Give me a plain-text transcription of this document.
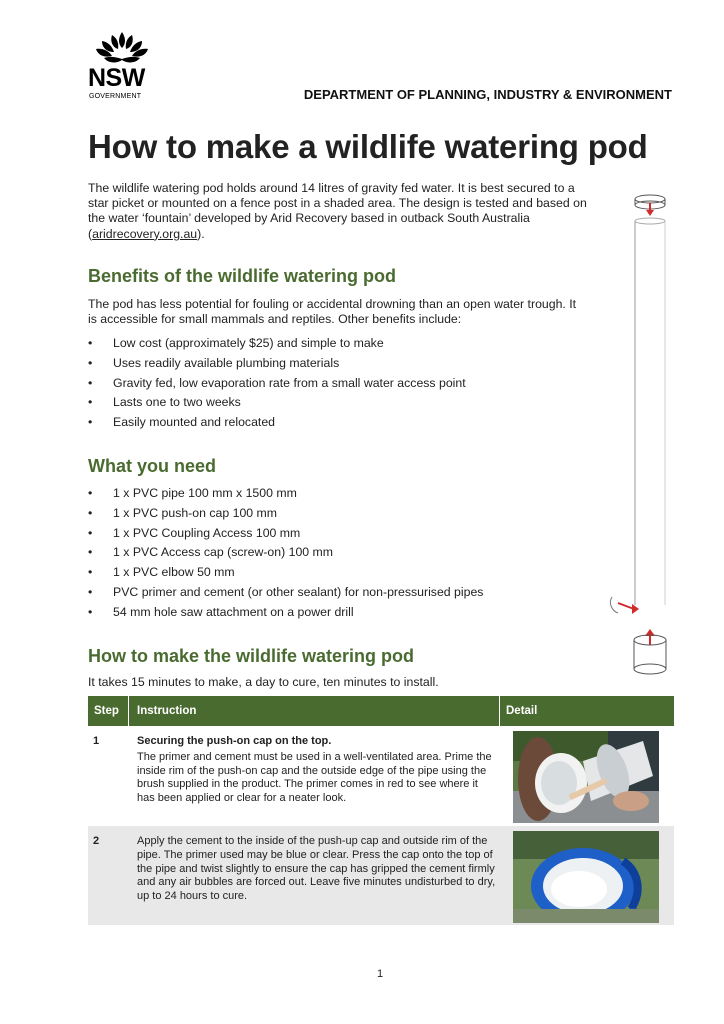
NSW
GOVERNMENT	DEPARTMENT OF PLANNING, INDUSTRY & ENVIRONMENT
How to make a wildlife watering pod

The wildlife watering pod holds around 14 litres of gravity fed water. It is best secured to a star picket or mounted on a fence post in a shaded area. The design is tested and based on the water ‘fountain’ developed by Arid Recovery based in outback South Australia (aridrecovery.org.au).

Benefits of the wildlife watering pod

The pod has less potential for fouling or accidental drowning than an open water trough. It is accessible for small mammals and reptiles. Other benefits include:

• Low cost (approximately $25) and simple to make
• Uses readily available plumbing materials
• Gravity fed, low evaporation rate from a small water access point
• Lasts one to two weeks
• Easily mounted and relocated
What you need
• 1 x PVC pipe 100 mm x 1500 mm
• 1 x PVC push-on cap 100 mm
• 1 x PVC Coupling Access 100 mm
• 1 x PVC Access cap (screw-on) 100 mm
• 1 x PVC elbow 50 mm
• PVC primer and cement (or other sealant) for non-pressurised pipes
• 54 mm hole saw attachment on a power drill
How to make the wildlife watering pod

It takes 15 minutes to make, a day to cure, ten minutes to install.

Step Instruction	Detail
1	Securing the push-on cap on the top.
The primer and cement must be used in a well-ventilated area. Prime the inside rim of the push-on cap and the outside edge of the pipe using the brush supplied in the product. The primer comes in red to see where it has been applied or clear for a neater look.
2	Apply the cement to the inside of the push-up cap and outside rim of the pipe. The primer used may be blue or clear. Press the cap onto the top of the pipe and twist slightly to ensure the cap has gripped the cement firmly and any air bubbles are forced out. Leave five minutes undisturbed to dry, up to 24 hours to cure.
1
